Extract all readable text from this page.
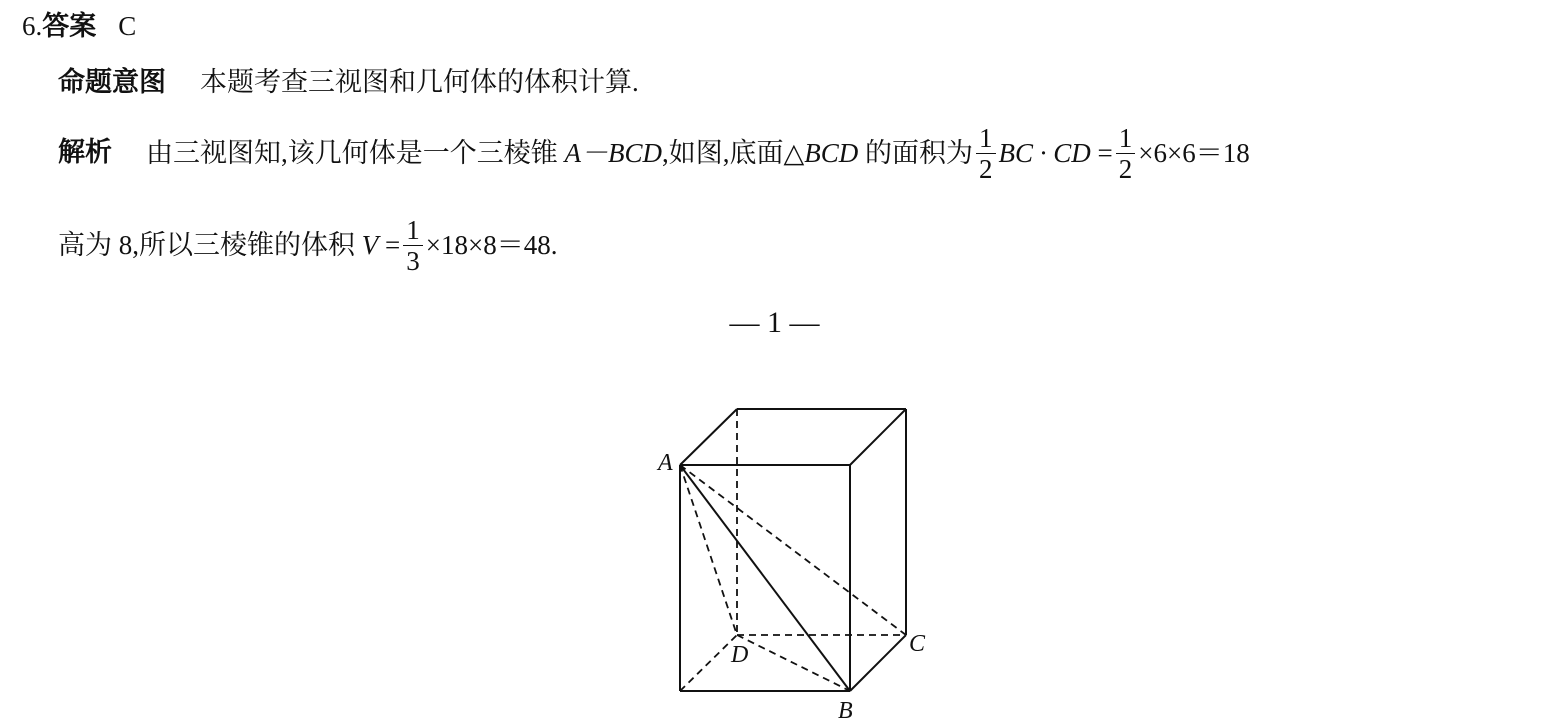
6.答案 C
命题意图 本题考查三视图和几何体的体积计算.
解析 由三视图知,该几何体是一个三棱锥
A－BCD ,如图,底面△ BCD
的面积为 $\frac{1}{2}$ BC · CD
= $\frac{1}{2} \times 6\times 6=18$
高为 8,所以三棱锥的体积
V
= $\frac{1}{3} \times 18\times 8=48$.
— 1 —
A
B
C
D
